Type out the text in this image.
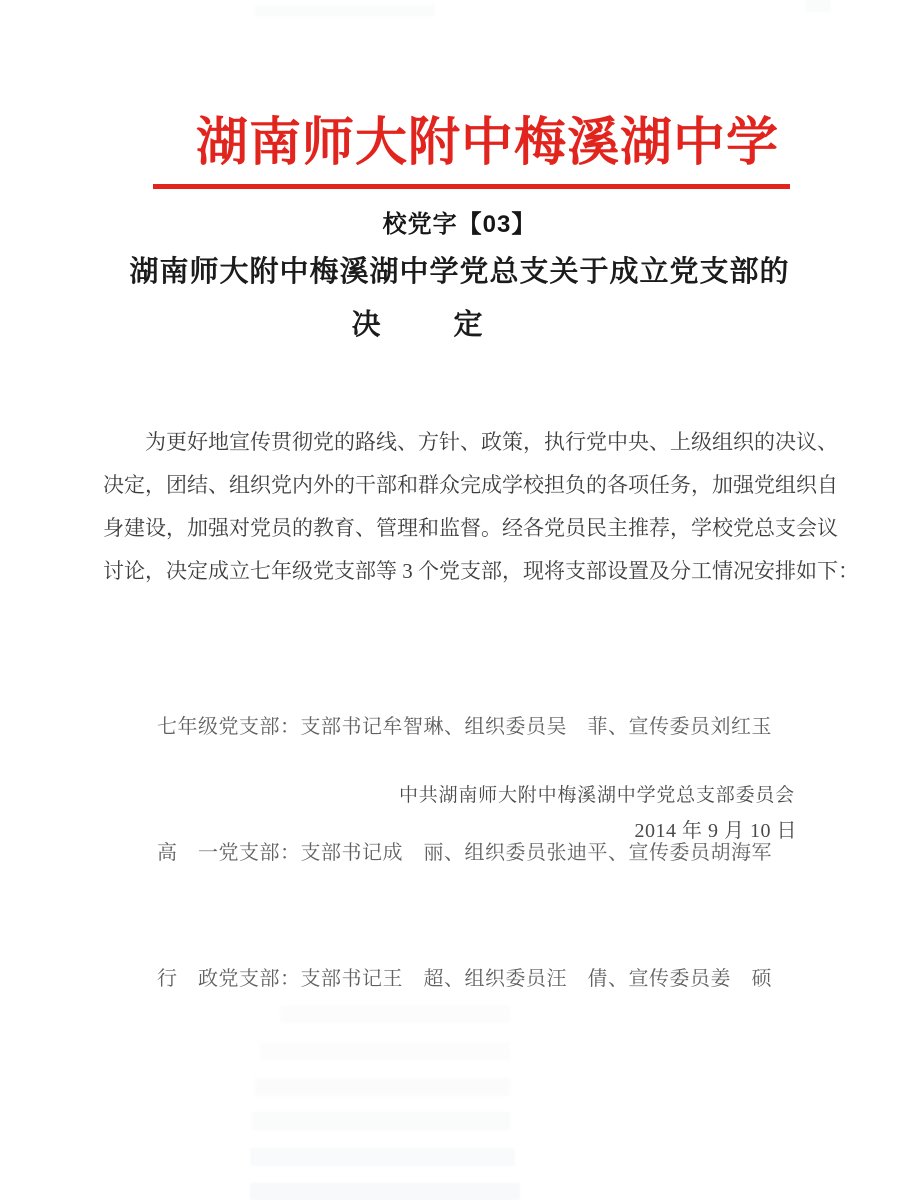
湖南师大附中梅溪湖中学
校党字【03】
湖南师大附中梅溪湖中学党总支关于成立党支部的
决　　定
为更好地宣传贯彻党的路线、方针、政策，执行党中央、上级组织的决议、
决定，团结、组织党内外的干部和群众完成学校担负的各项任务，加强党组织自
身建设，加强对党员的教育、管理和监督。经各党员民主推荐，学校党总支会议
讨论，决定成立七年级党支部等 3 个党支部，现将支部设置及分工情况安排如下：

七年级党支部：支部书记牟智琳、组织委员吴　菲、宣传委员刘红玉

高　一党支部：支部书记成　丽、组织委员张迪平、宣传委员胡海军

行　政党支部：支部书记王　超、组织委员汪　倩、宣传委员姜　硕

中共湖南师大附中梅溪湖中学党总支部委员会
2014 年 9 月 10 日
